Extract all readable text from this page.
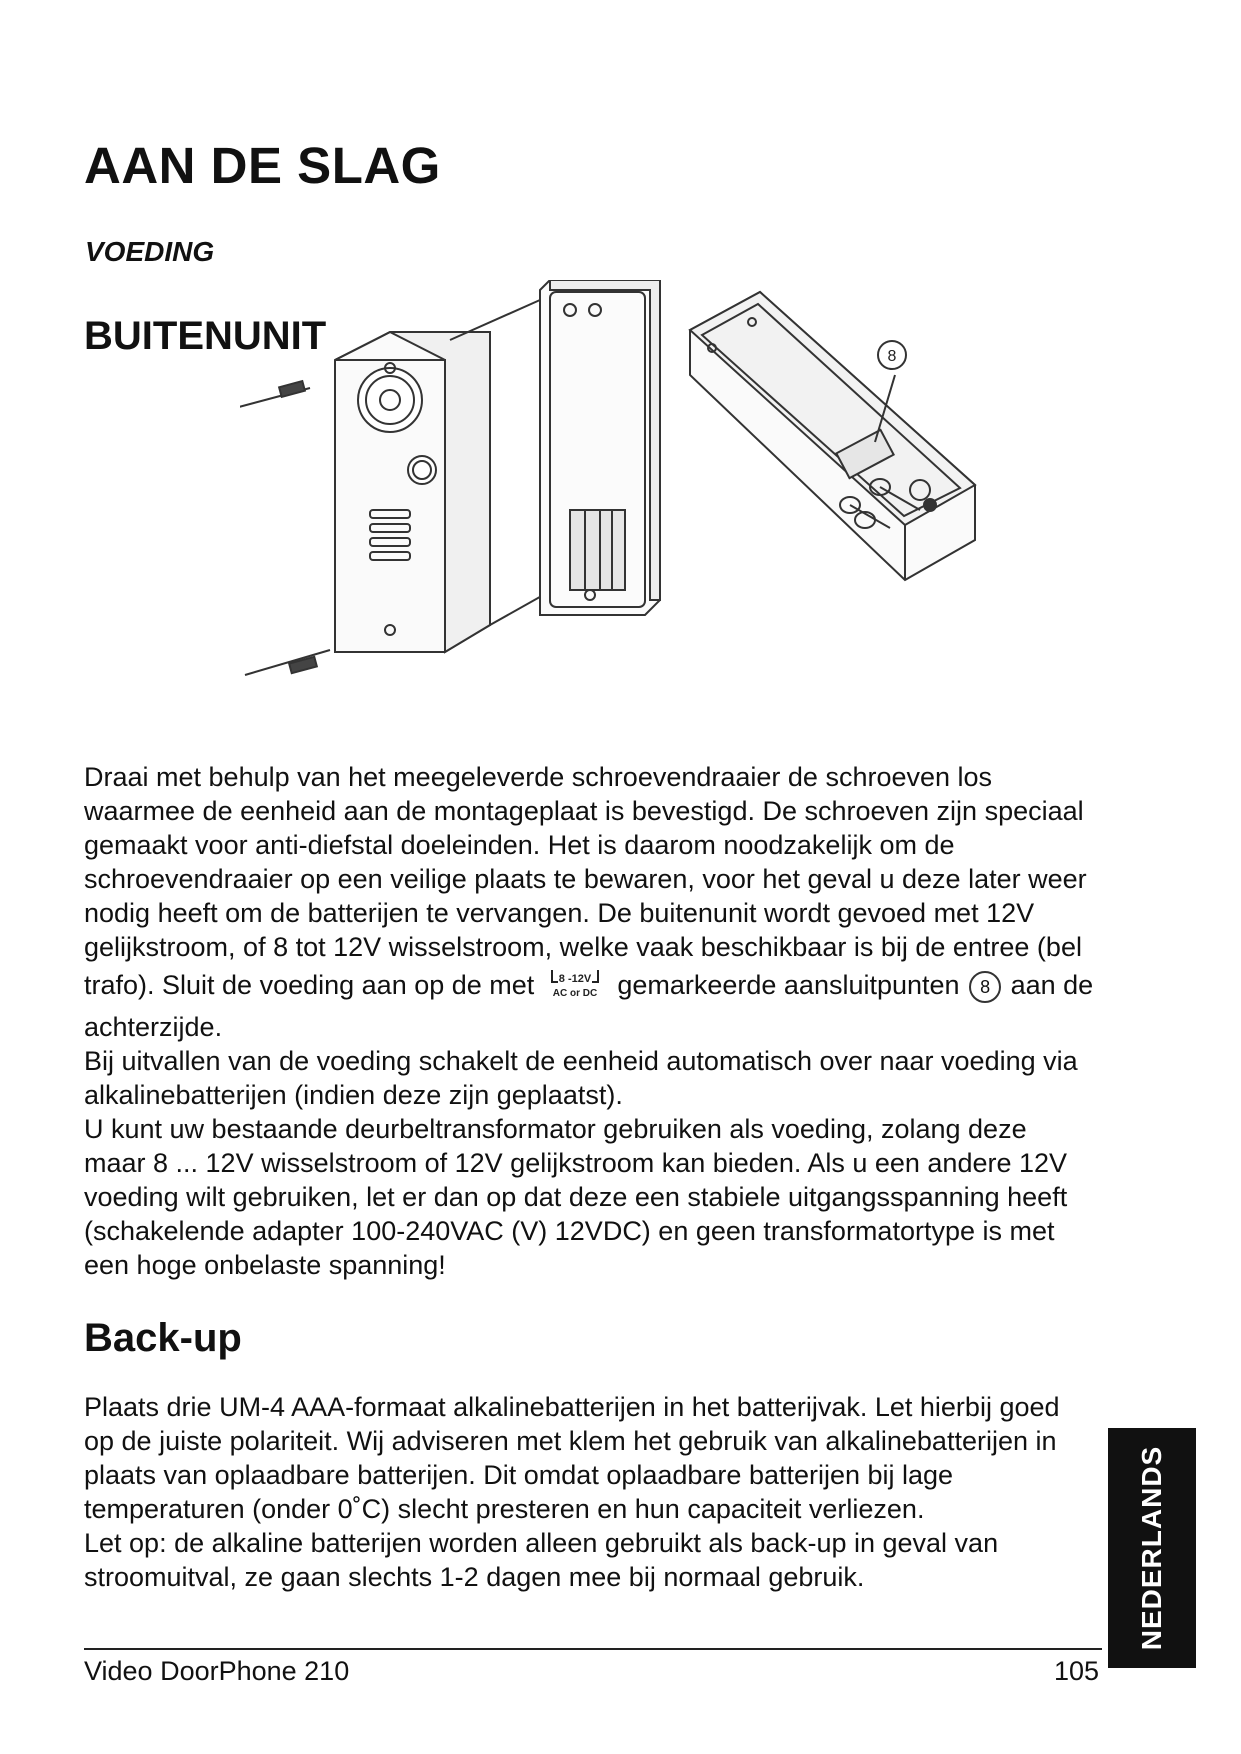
AAN DE SLAG
VOEDING
BUITENUNIT	8

Draai met behulp van het meegeleverde schroevendraaier de schroeven los waarmee de eenheid aan de montageplaat is bevestigd. De schroeven zijn speciaal gemaakt voor anti-diefstal doeleinden. Het is daarom noodzakelijk om de schroevendraaier op een veilige plaats te bewaren, voor het geval u deze later weer nodig heeft om de batterijen te vervangen. De buitenunit wordt gevoed met 12V gelijkstroom, of 8 tot 12V wisselstroom, welke vaak beschikbaar is bij de entree (bel trafo). Sluit de voeding aan op de met 8 -12V
AC or DC gemarkeerde aansluitpunten 8 aan de achterzijde.

Bij uitvallen van de voeding schakelt de eenheid automatisch over naar voeding via alkalinebatterijen (indien deze zijn geplaatst).

U kunt uw bestaande deurbeltransformator gebruiken als voeding, zolang deze maar 8 ... 12V wisselstroom of 12V gelijkstroom kan bieden. Als u een andere 12V voeding wilt gebruiken, let er dan op dat deze een stabiele uitgangsspanning heeft (schakelende adapter 100-240VAC (V) 12VDC) en geen transformatortype is met een hoge onbelaste spanning!

Back-up

Plaats drie UM-4 AAA-formaat alkalinebatterijen in het batterijvak. Let hierbij goed op de juiste polariteit. Wij adviseren met klem het gebruik van alkalinebatterijen in plaats van oplaadbare batterijen. Dit omdat oplaadbare batterijen bij lage temperaturen (onder 0˚C) slecht presteren en hun capaciteit verliezen.

Let op: de alkaline batterijen worden alleen gebruikt als back-up in geval van stroomuitval, ze gaan slechts 1-2 dagen mee bij normaal gebruik.

Video DoorPhone 210	105
NEDERLANDS
